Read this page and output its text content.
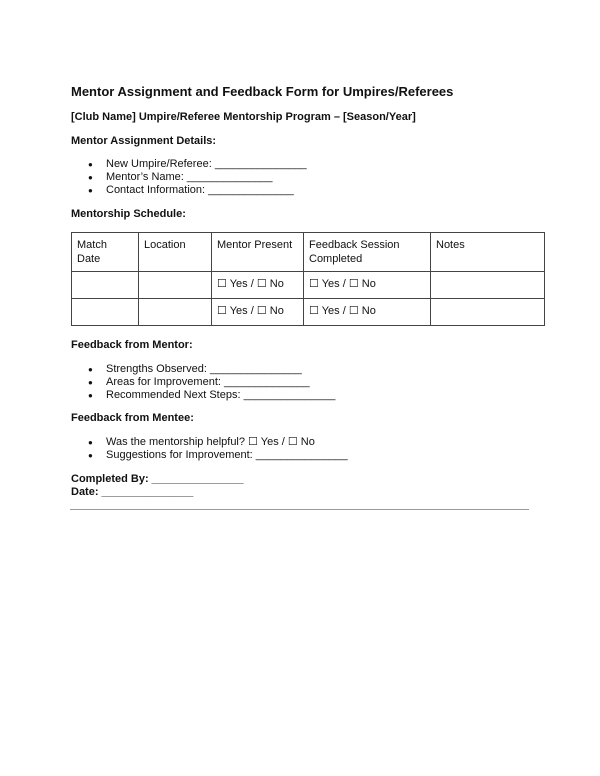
Mentor Assignment and Feedback Form for Umpires/Referees
[Club Name] Umpire/Referee Mentorship Program – [Season/Year]
Mentor Assignment Details:
● New Umpire/Referee: _______________
● Mentor’s Name: ______________
● Contact Information: ______________
Mentorship Schedule:
Match Date	Location	Mentor Present	Feedback Session Completed	Notes
		☐ Yes / ☐ No	☐ Yes / ☐ No	
		☐ Yes / ☐ No	☐ Yes / ☐ No	
Feedback from Mentor:
● Strengths Observed: _______________
● Areas for Improvement: ______________
● Recommended Next Steps: _______________
Feedback from Mentee:
● Was the mentorship helpful? ☐ Yes / ☐ No
● Suggestions for Improvement: _______________
Completed By: _______________
Date: _______________
